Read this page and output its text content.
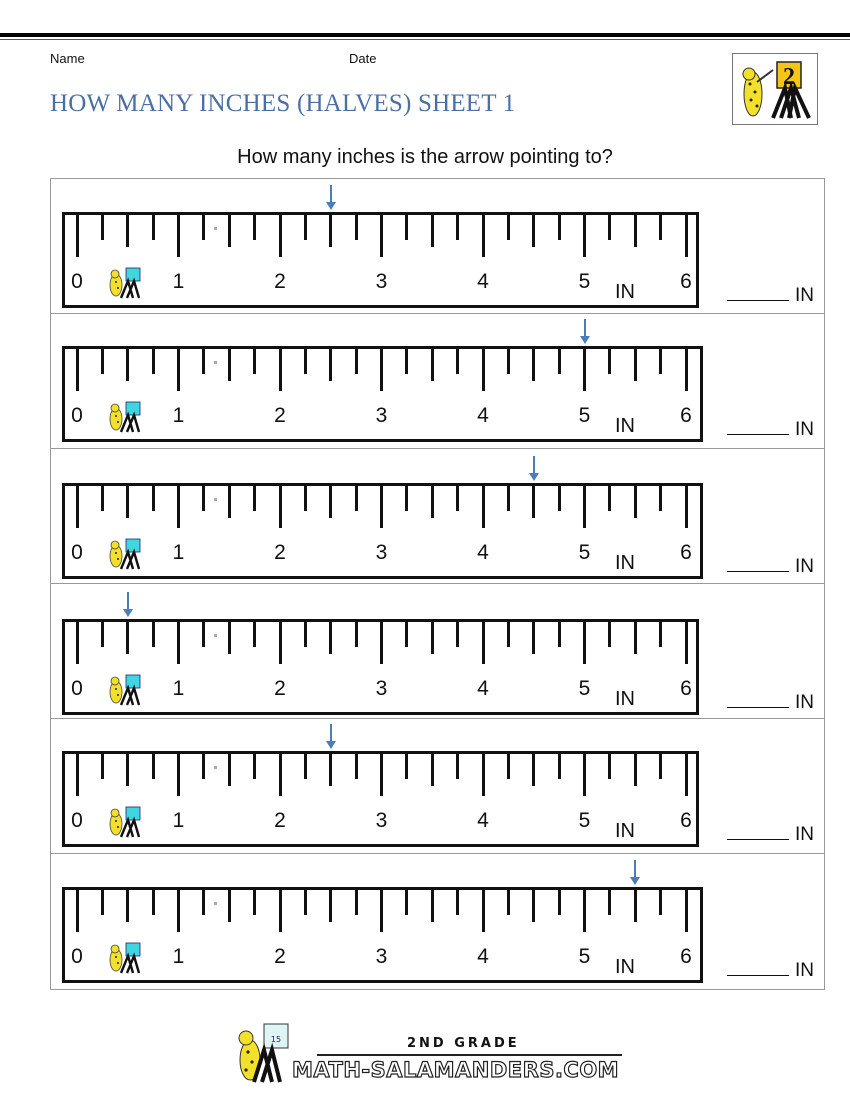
Name	Date
HOW MANY INCHES (HALVES) SHEET 1
2
How many inches is the arrow pointing to?
0	1	2	3	4	5	6
IN	IN
0	1	2	3	4	5	6
IN	IN
0	1	2	3	4	5	6
IN	IN
0	1	2	3	4	5	6
IN	IN
0	1	2	3	4	5	6
IN	IN
0	1	2	3	4	5	6
IN	IN
15	2ND GRADE
MATH-SALAMANDERS.COM
